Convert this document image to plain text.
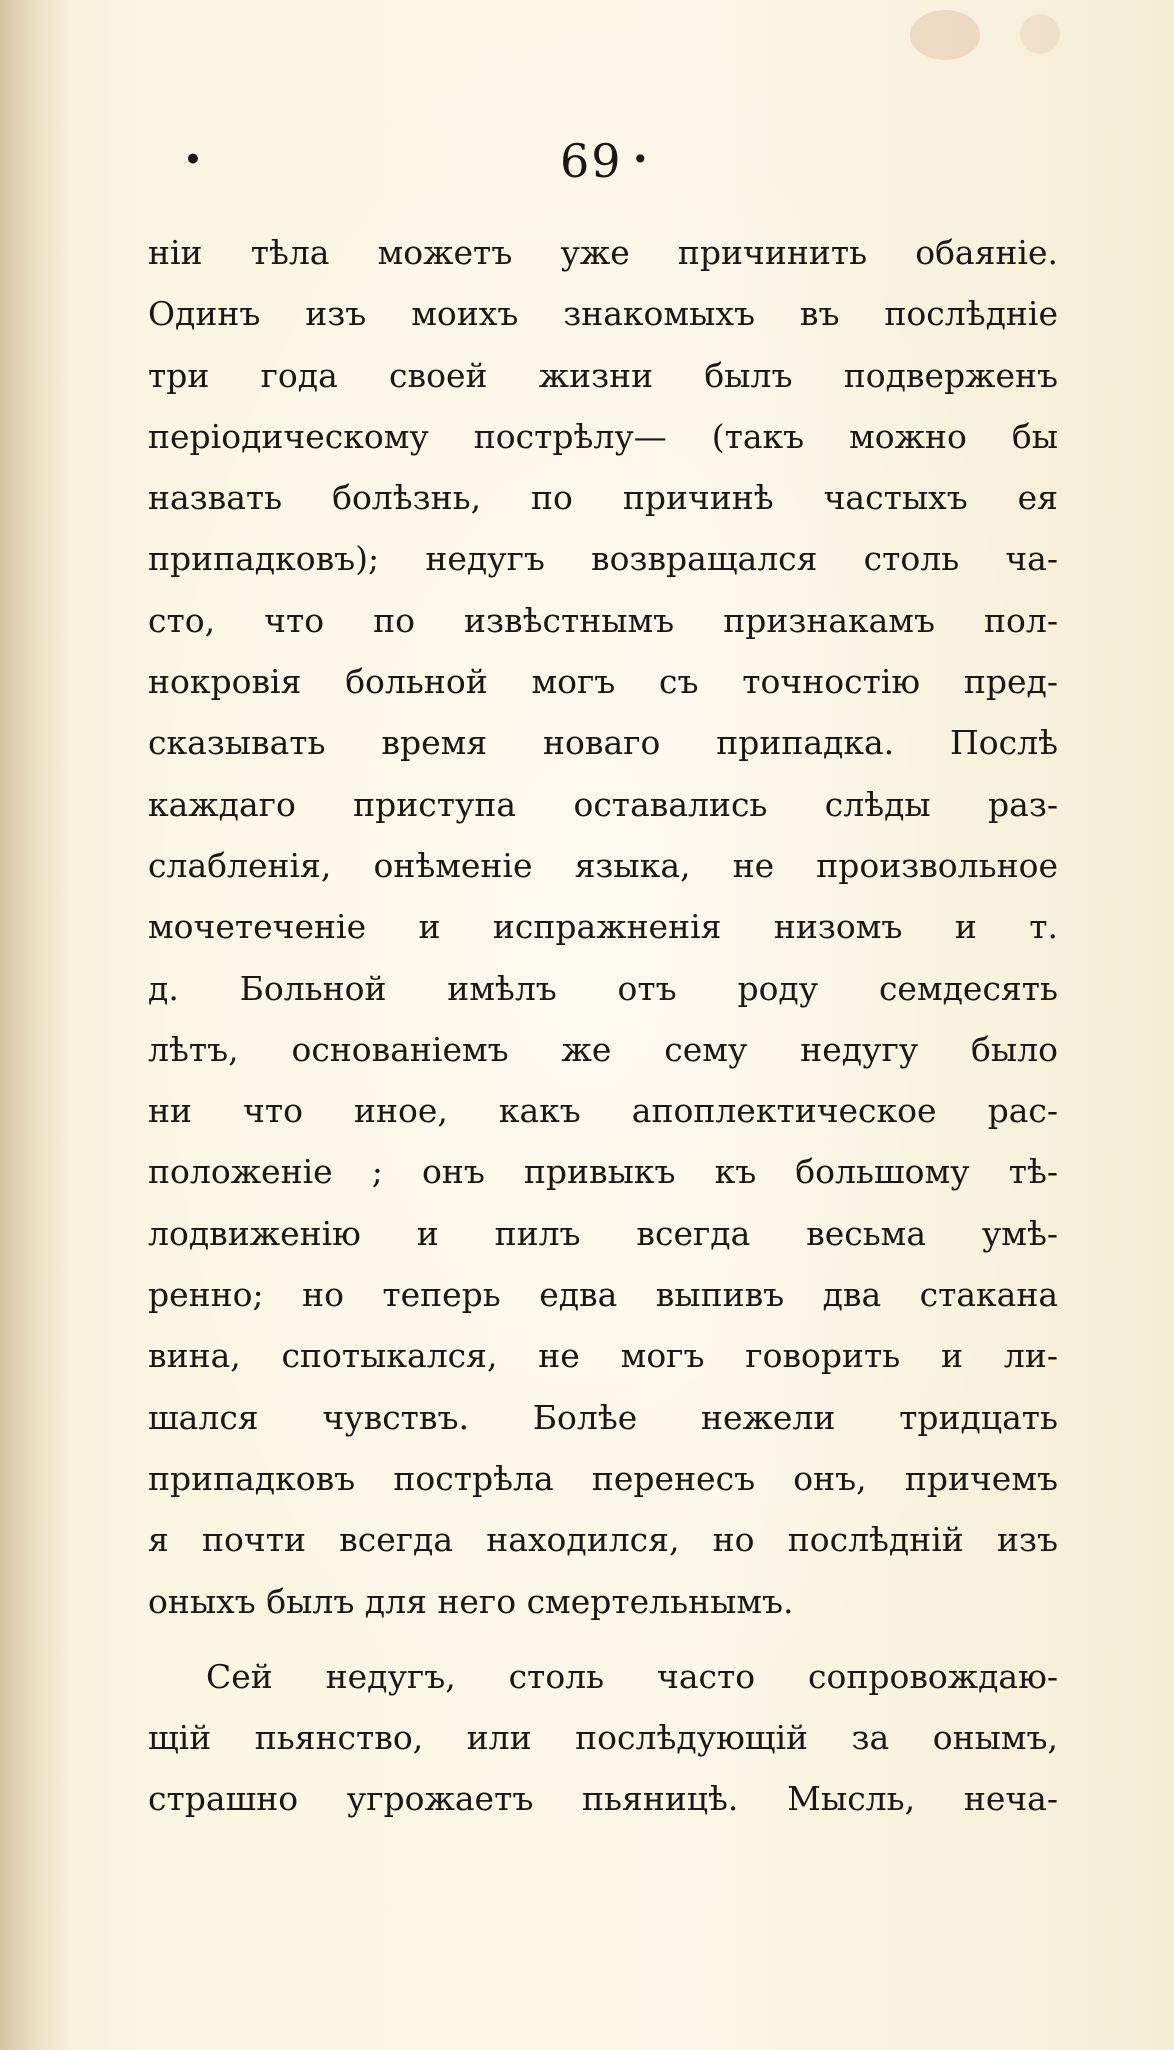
•	69 •
ніи тѣла можетъ уже причинить обаяніе.
Одинъ изъ моихъ знакомыхъ въ послѣдніе
три года своей жизни былъ подверженъ
періодическому пострѣлу— (такъ можно бы
назвать болѣзнь, по причинѣ частыхъ ея
припадковъ); недугъ возвращался столь ча-
сто, что по извѣстнымъ признакамъ пол-
нокровія больной могъ съ точностію пред-
сказывать время новаго припадка. Послѣ
каждаго приступа оставались слѣды раз-
слабленія, онѣменіе языка, не произвольное
мочетеченіе и испражненія низомъ и т.
д. Больной имѣлъ отъ роду семдесять
лѣтъ, основаніемъ же сему недугу было
ни что иное, какъ апоплектическое рас-
положеніе ; онъ привыкъ къ большому тѣ-
лодвиженію и пилъ всегда весьма умѣ-
ренно; но теперь едва выпивъ два стакана
вина, спотыкался, не могъ говорить и ли-
шался чувствъ. Болѣе нежели тридцать
припадковъ пострѣла перенесъ онъ, причемъ
я почти всегда находился, но послѣдній изъ
оныхъ былъ для него смертельнымъ.
Сей недугъ, столь часто сопровождаю-
щій пьянство, или послѣдующій за онымъ,
страшно угрожаетъ пьяницѣ. Мысль, неча-
